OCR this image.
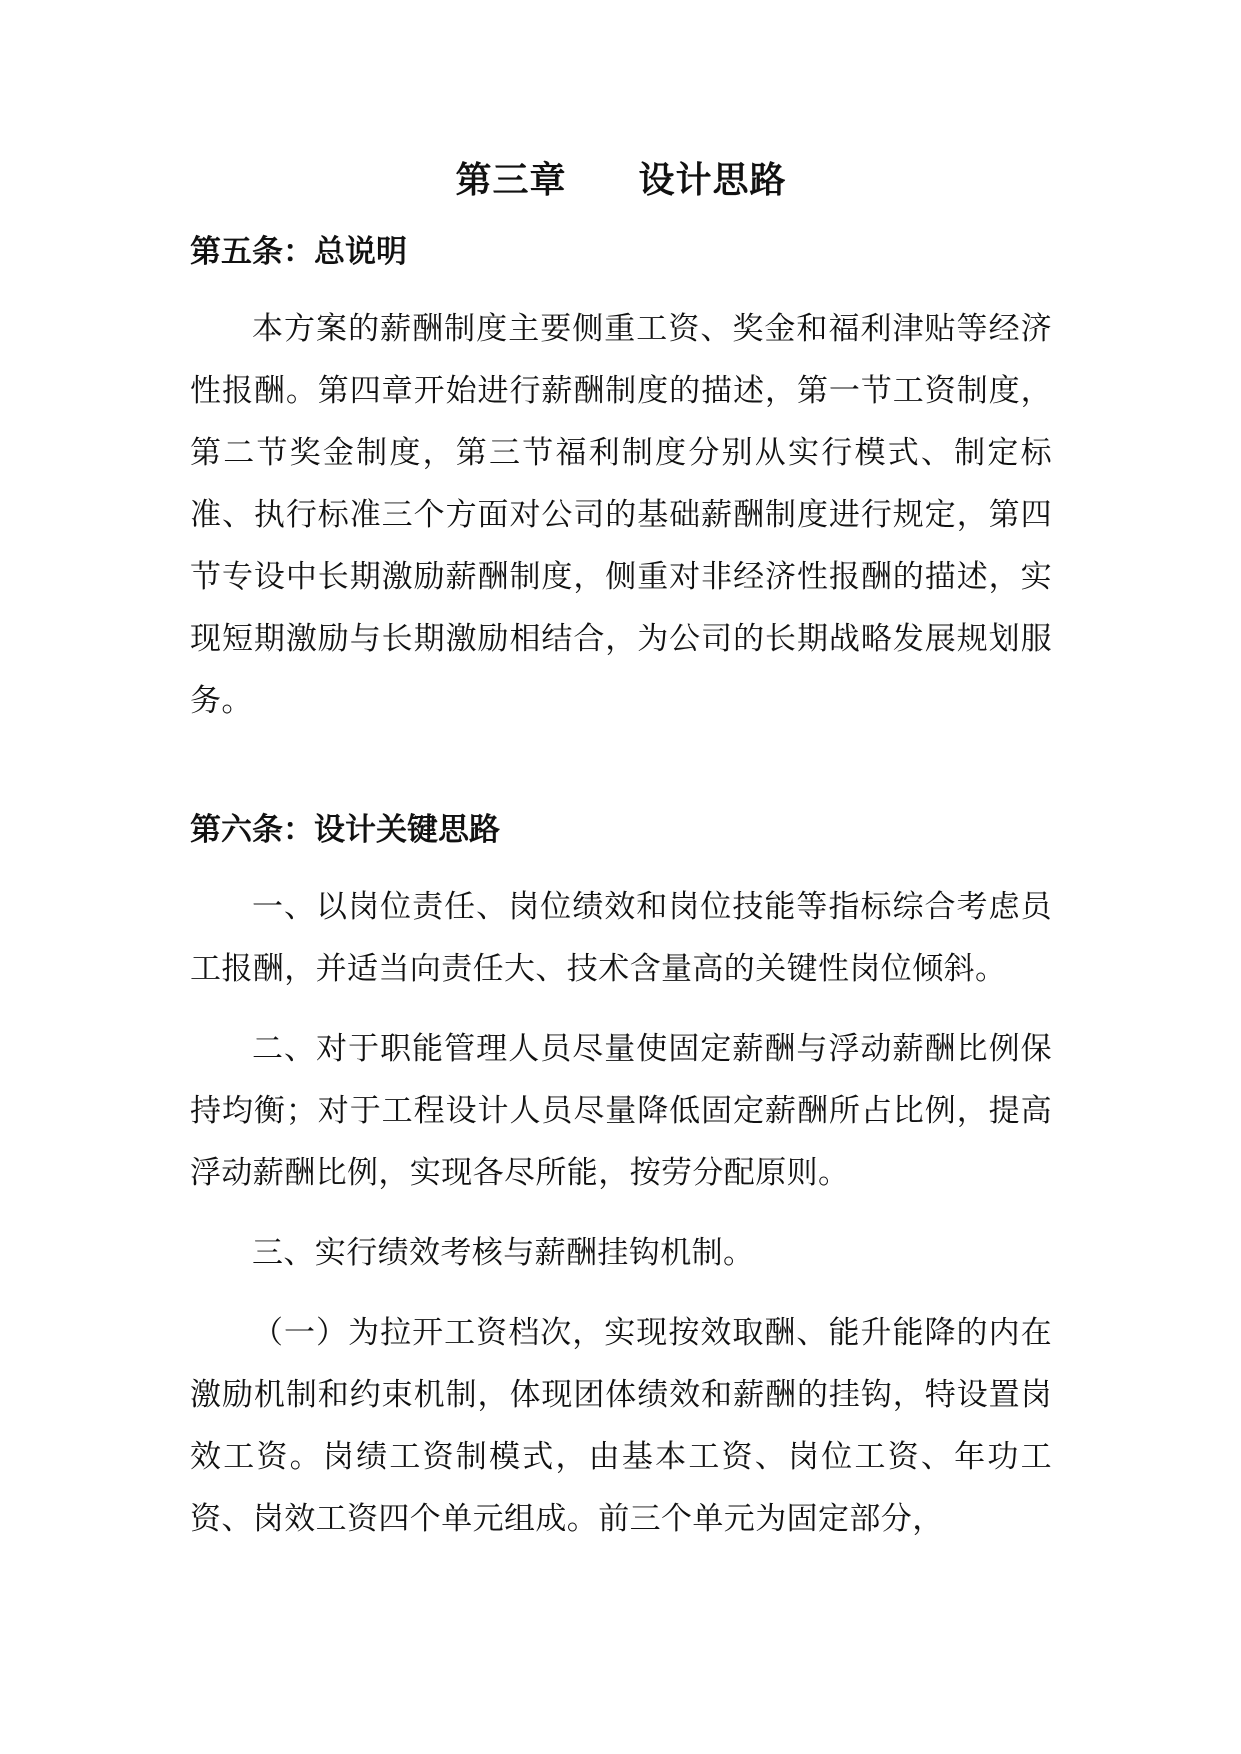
第三章 设计思路
第五条：总说明

本方案的薪酬制度主要侧重工资、奖金和福利津贴等经济性报酬。第四章开始进行薪酬制度的描述，第一节工资制度，第二节奖金制度，第三节福利制度分别从实行模式、制定标准、执行标准三个方面对公司的基础薪酬制度进行规定，第四节专设中长期激励薪酬制度，侧重对非经济性报酬的描述，实现短期激励与长期激励相结合，为公司的长期战略发展规划服务。

第六条：设计关键思路

一、以岗位责任、岗位绩效和岗位技能等指标综合考虑员工报酬，并适当向责任大、技术含量高的关键性岗位倾斜。

二、对于职能管理人员尽量使固定薪酬与浮动薪酬比例保持均衡；对于工程设计人员尽量降低固定薪酬所占比例，提高浮动薪酬比例，实现各尽所能，按劳分配原则。

三、实行绩效考核与薪酬挂钩机制。

（一）为拉开工资档次，实现按效取酬、能升能降的内在激励机制和约束机制，体现团体绩效和薪酬的挂钩，特设置岗效工资。岗绩工资制模式，由基本工资、岗位工资、年功工资、岗效工资四个单元组成。前三个单元为固定部分，
